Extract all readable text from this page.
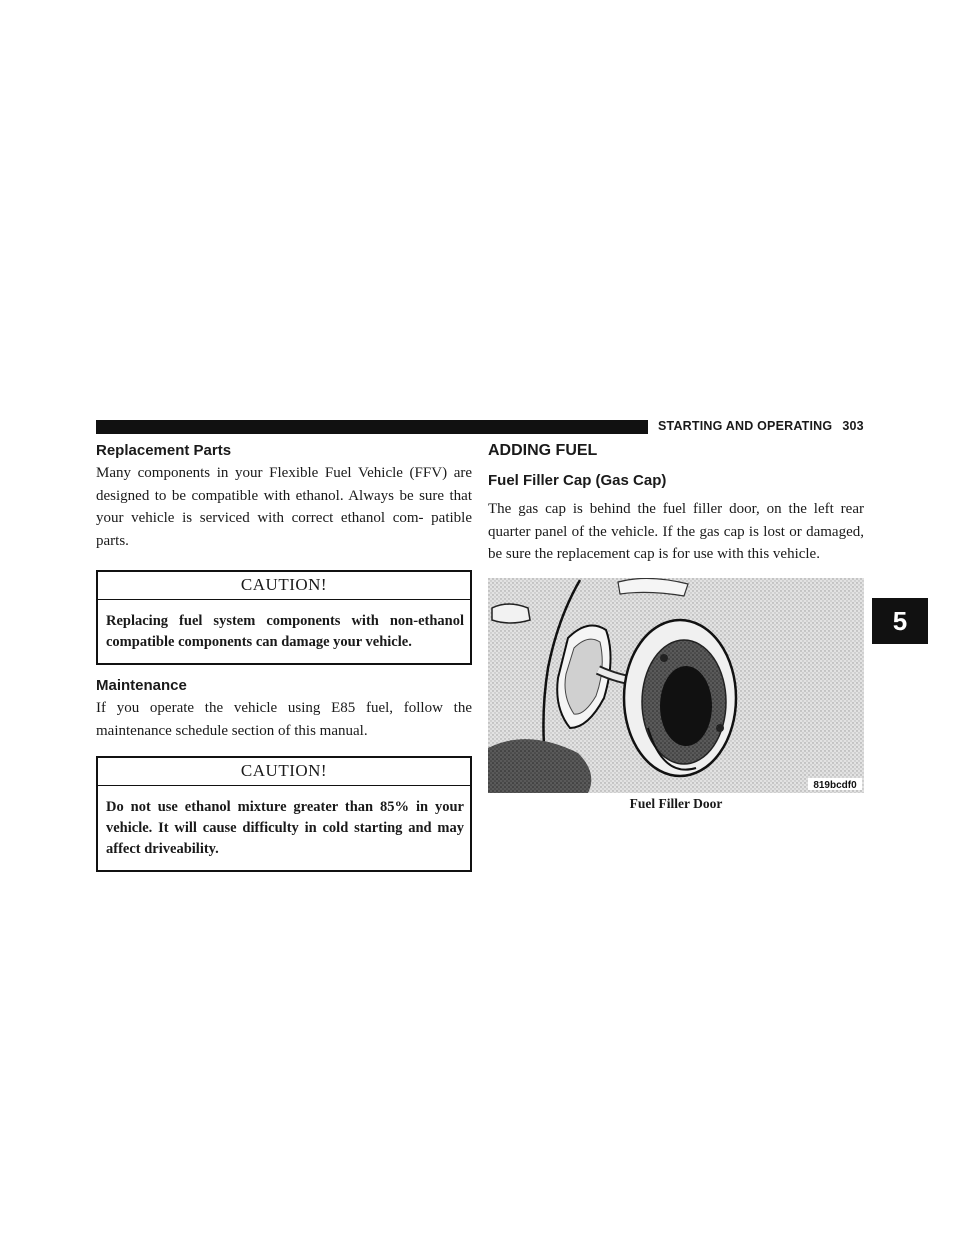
STARTING AND OPERATING 303
Replacement Parts

Many components in your Flexible Fuel Vehicle (FFV) are designed to be compatible with ethanol. Always be sure that your vehicle is serviced with correct ethanol com- patible parts.

CAUTION!
Replacing fuel system components with non-ethanol compatible components can damage your vehicle.
Maintenance

If you operate the vehicle using E85 fuel, follow the maintenance schedule section of this manual.

CAUTION!
Do not use ethanol mixture greater than 85% in your vehicle. It will cause difficulty in cold starting and may affect driveability.
ADDING FUEL
Fuel Filler Cap (Gas Cap)

The gas cap is behind the fuel filler door, on the left rear quarter panel of the vehicle. If the gas cap is lost or damaged, be sure the replacement cap is for use with this vehicle.

819bcdf0
Fuel Filler Door
5
